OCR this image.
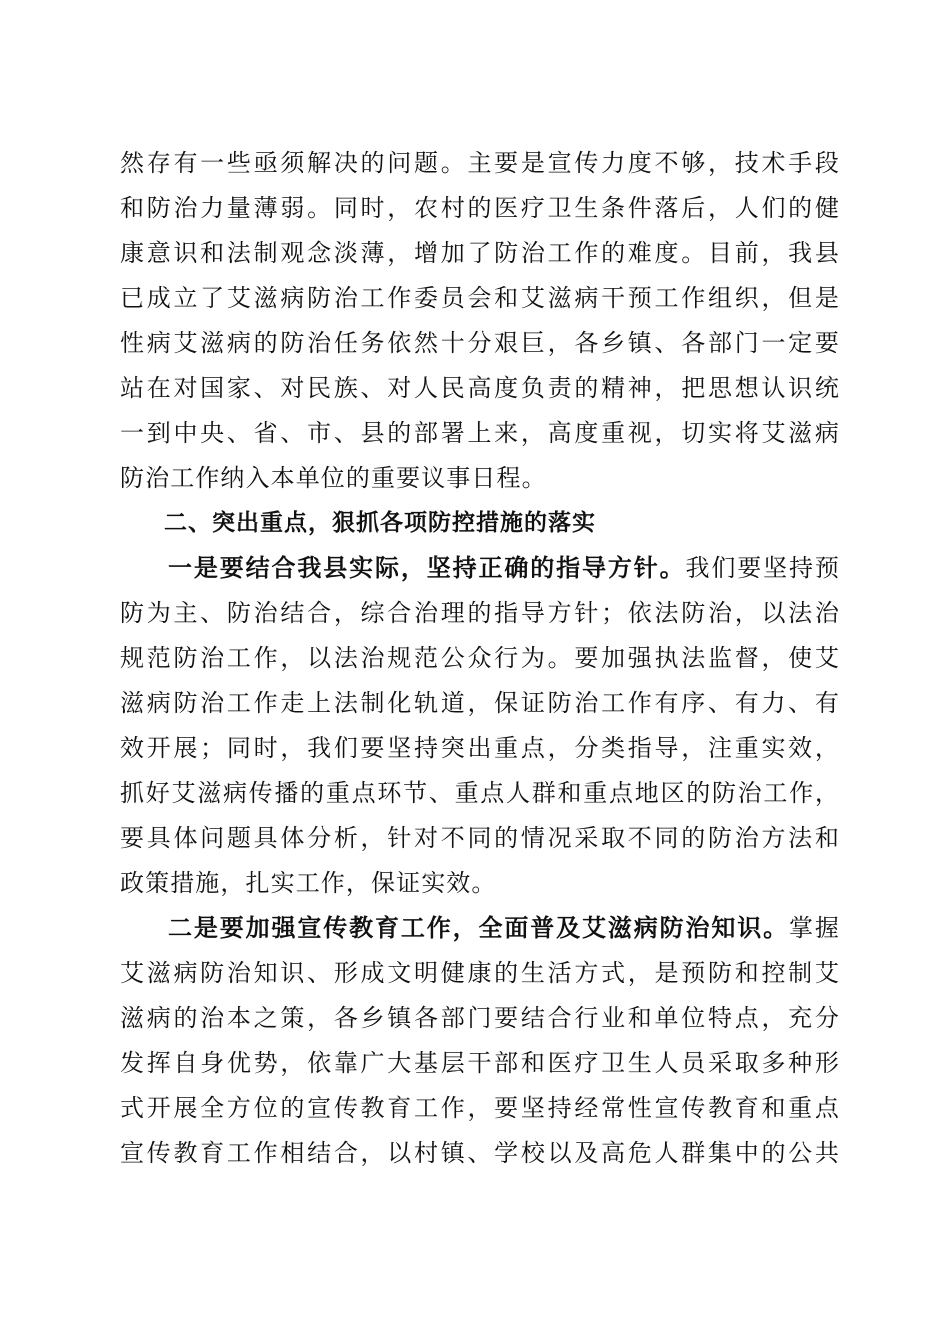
然存有一些亟须解决的问题。主要是宣传力度不够，技术手段
和防治力量薄弱。同时，农村的医疗卫生条件落后，人们的健
康意识和法制观念淡薄，增加了防治工作的难度。目前，我县
已成立了艾滋病防治工作委员会和艾滋病干预工作组织，但是
性病艾滋病的防治任务依然十分艰巨，各乡镇、各部门一定要
站在对国家、对民族、对人民高度负责的精神，把思想认识统
一到中央、省、市、县的部署上来，高度重视，切实将艾滋病
防治工作纳入本单位的重要议事日程。
二、突出重点，狠抓各项防控措施的落实
一是要结合我县实际，坚持正确的指导方针。我们要坚持预
防为主、防治结合，综合治理的指导方针；依法防治，以法治
规范防治工作，以法治规范公众行为。要加强执法监督，使艾
滋病防治工作走上法制化轨道，保证防治工作有序、有力、有
效开展；同时，我们要坚持突出重点，分类指导，注重实效，
抓好艾滋病传播的重点环节、重点人群和重点地区的防治工作，
要具体问题具体分析，针对不同的情况采取不同的防治方法和
政策措施，扎实工作，保证实效。
二是要加强宣传教育工作，全面普及艾滋病防治知识。掌握
艾滋病防治知识、形成文明健康的生活方式，是预防和控制艾
滋病的治本之策，各乡镇各部门要结合行业和单位特点，充分
发挥自身优势，依靠广大基层干部和医疗卫生人员采取多种形
式开展全方位的宣传教育工作，要坚持经常性宣传教育和重点
宣传教育工作相结合，以村镇、学校以及高危人群集中的公共
